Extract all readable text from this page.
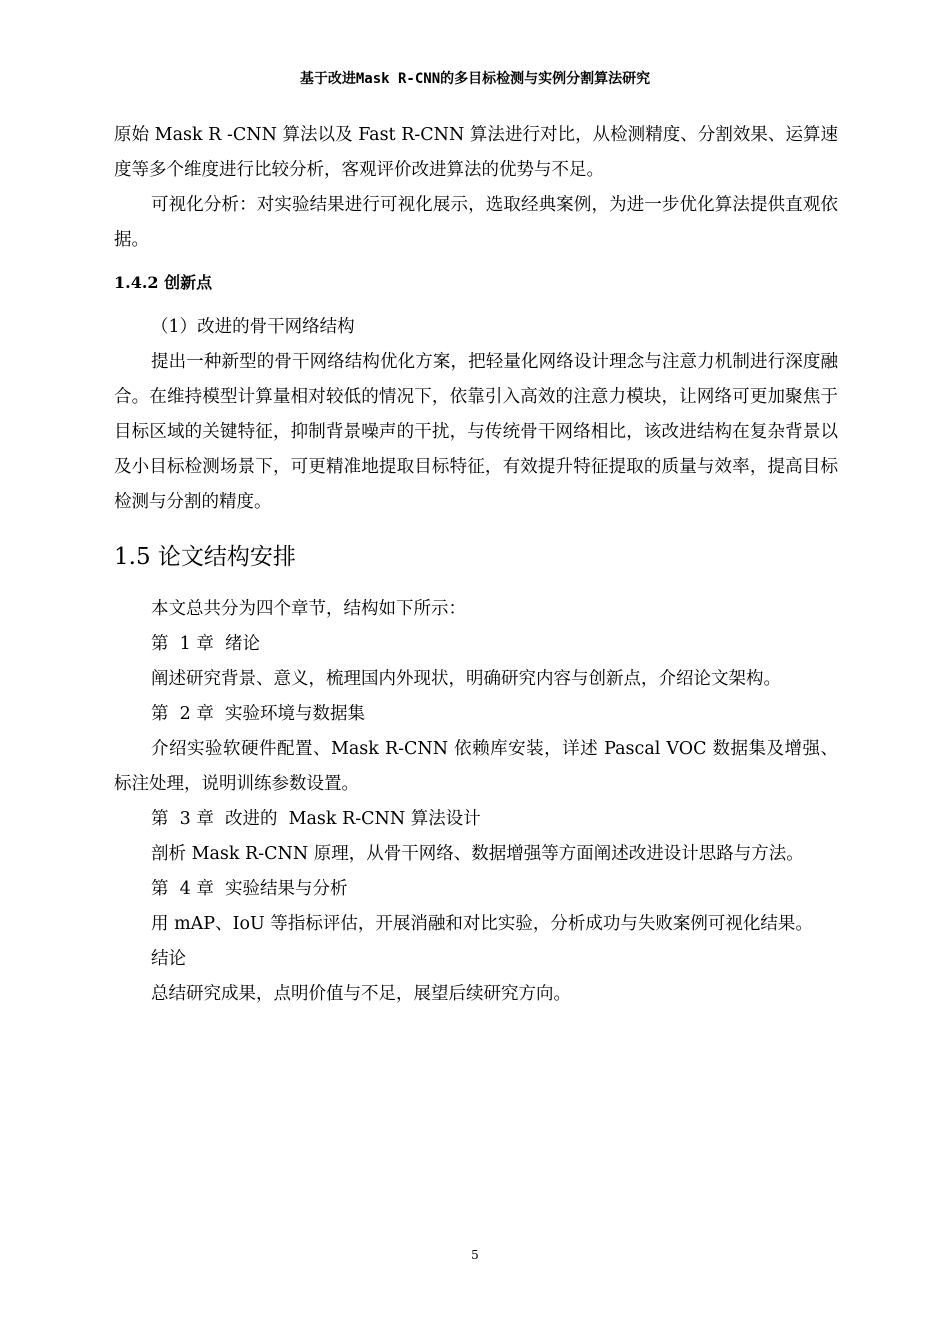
基于改进Mask R-CNN的多目标检测与实例分割算法研究

原始 Mask R -CNN 算法以及 Fast R-CNN 算法进行对比，从检测精度、分割效果、运算速度等多个维度进行比较分析，客观评价改进算法的优势与不足。

可视化分析：对实验结果进行可视化展示，选取经典案例，为进一步优化算法提供直观依据。

1.4.2 创新点

（1）改进的骨干网络结构

提出一种新型的骨干网络结构优化方案，把轻量化网络设计理念与注意力机制进行深度融合。在维持模型计算量相对较低的情况下，依靠引入高效的注意力模块，让网络可更加聚焦于目标区域的关键特征，抑制背景噪声的干扰，与传统骨干网络相比，该改进结构在复杂背景以及小目标检测场景下，可更精准地提取目标特征，有效提升特征提取的质量与效率，提高目标检测与分割的精度。

1.5 论文结构安排

本文总共分为四个章节，结构如下所示：

第  1 章  绪论

阐述研究背景、意义，梳理国内外现状，明确研究内容与创新点，介绍论文架构。

第  2 章  实验环境与数据集

介绍实验软硬件配置、Mask R-CNN 依赖库安装，详述 Pascal VOC 数据集及增强、标注处理，说明训练参数设置。

第  3 章  改进的  Mask R-CNN 算法设计

剖析 Mask R-CNN 原理，从骨干网络、数据增强等方面阐述改进设计思路与方法。

第  4 章  实验结果与分析

用 mAP、IoU 等指标评估，开展消融和对比实验，分析成功与失败案例可视化结果。

结论

总结研究成果，点明价值与不足，展望后续研究方向。

5
